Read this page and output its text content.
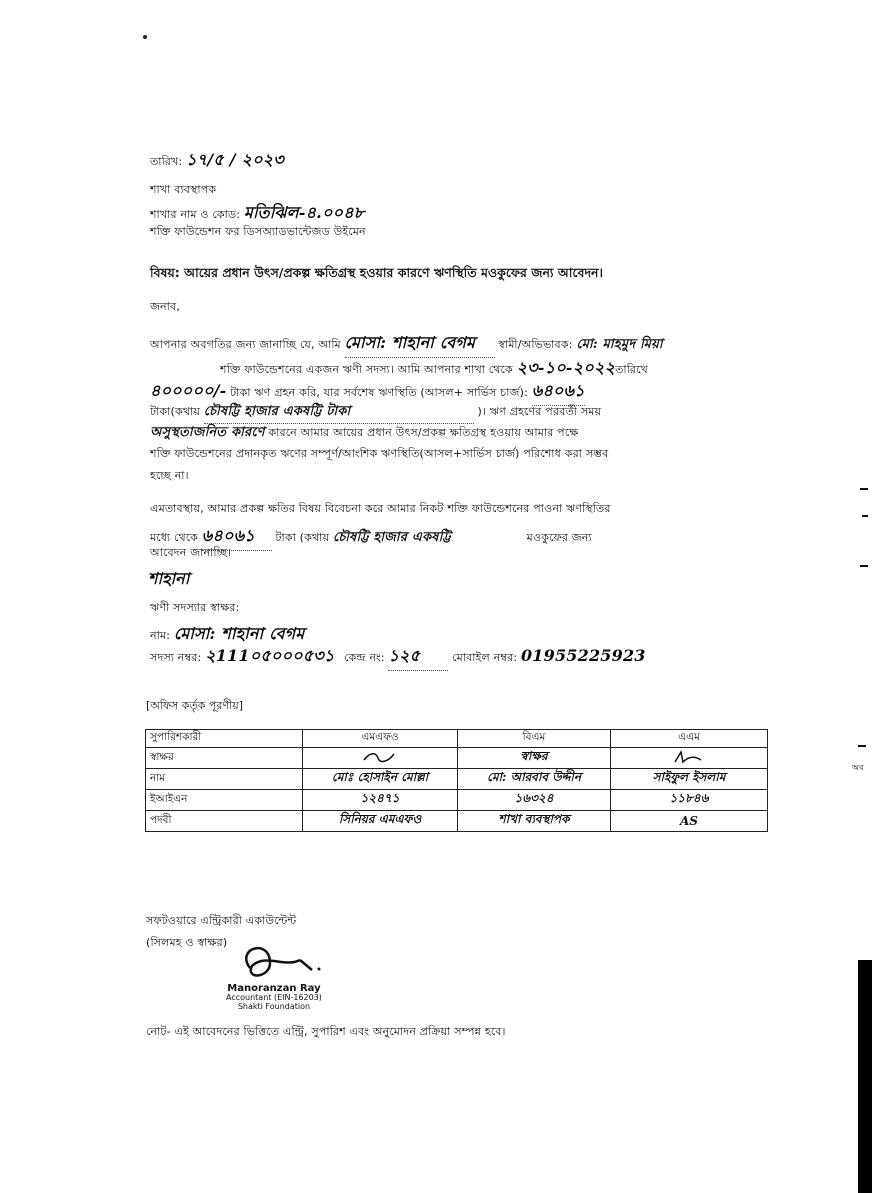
অব
তারিখ: ১৭/৫ / ২০২৩
শাখা ব্যবস্থাপক
শাখার নাম ও কোড: মতিঝিল-৪.০০৪৮
শক্তি ফাউন্ডেশন ফর ডিসঅ্যাডভান্টেজড উইমেন
বিষয়: আয়ের প্রধান উৎস/প্রকল্প ক্ষতিগ্রস্থ হওয়ার কারণে ঋণস্থিতি মওকুফের জন্য আবেদন।
জনাব,
আপনার অবগতির জন্য জানাচ্ছি যে, আমি মোসা: শাহানা বেগম স্বামী/অভিভাবক: মো: মাহমুদ মিয়া
শক্তি ফাউন্ডেশনের একজন ঋণী সদস্য। আমি আপনার শাখা থেকে ২৩-১০-২০২২তারিখে
৪০০০০০/- টাকা ঋণ গ্রহন করি, যার সর্বশেষ ঋণস্থিতি (আসল+ সার্ভিস চার্জ): ৬৪০৬১
টাকা(কথায় চৌষট্টি হাজার একষট্টি টাকা	)। ঋণ গ্রহণের পরবর্তী সময়
অসুস্থতাজনিত কারণে কারনে আমার আয়ের প্রধান উৎস/প্রকল্প ক্ষতিগ্রস্থ হওয়ায় আমার পক্ষে
শক্তি ফাউন্ডেশনের প্রদানকৃত ঋণের সম্পূর্ণ/আংশিক ঋণস্থিতি(আসল+সার্ভিস চার্জ) পরিশোধ করা সম্ভব
হচ্ছে না।
এমতাবস্থায়, আমার প্রকল্প ক্ষতির বিষয় বিবেচনা করে আমার নিকট শক্তি ফাউন্ডেশনের পাওনা ঋণস্থিতির
মধ্যে থেকে ৬৪০৬১ টাকা (কথায় চৌষট্টি হাজার একষট্টি	মওকুফের জন্য
আবেদন জানাচ্ছি।
শাহানা
ঋণী সদস্যার স্বাক্ষর:
নাম: মোসা: শাহানা বেগম
সদস্য নম্বর: ২111০৫০০০৫৩১ কেন্দ্র নং: ১২৫	মোবাইল নম্বর: 01955225923
[অফিস কর্তৃক পূরণীয়]
সুপারিশকারী	এমএফও	বিএম	এএম
স্বাক্ষর		স্বাক্ষর	
নাম	মোঃ হোসাইন মোল্লা	মো: আরবাব উদ্দীন	সাইফুল ইসলাম
ইআইএন	১২৪৭১	১৬৩২৪	১১৮৪৬
পদবী	সিনিয়র এমএফও	শাখা ব্যবস্থাপক	AS
সফটওয়ারে এন্ট্রিকারী একাউন্টেন্ট
(সিলমহ ও স্বাক্ষর)
Manoranzan Ray
Accountant (EIN-16203)
Shakti Foundation
নোট- এই আবেদনের ভিত্তিতে এন্ট্রি, সুপারিশ এবং অনুমোদন প্রক্রিয়া সম্পন্ন হবে।
